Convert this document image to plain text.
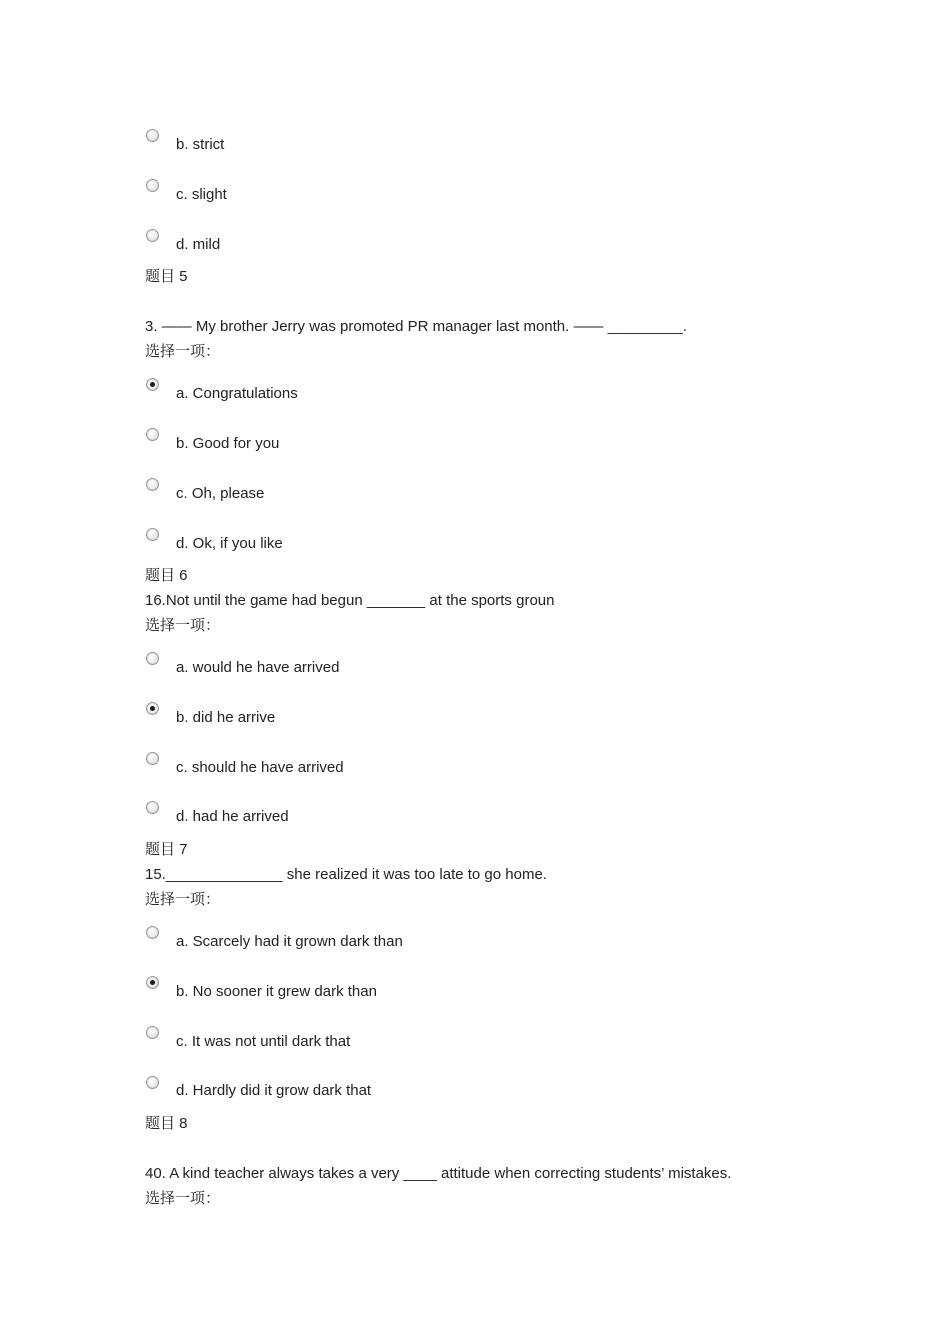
b. strict
c. slight
d. mild
题目 5
3. —— My brother Jerry was promoted PR manager last month. —— _________.
选择一项：
a. Congratulations
b. Good for you
c. Oh, please
d. Ok, if you like
题目 6
16.Not until the game had begun _______ at the sports groun
选择一项：
a. would he have arrived
b. did he arrive
c. should he have arrived
d. had he arrived
题目 7
15.______________ she realized it was too late to go home.
选择一项：
a. Scarcely had it grown dark than
b. No sooner it grew dark than
c. It was not until dark that
d. Hardly did it grow dark that
题目 8
40. A kind teacher always takes a very ____ attitude when correcting students’ mistakes.
选择一项：
